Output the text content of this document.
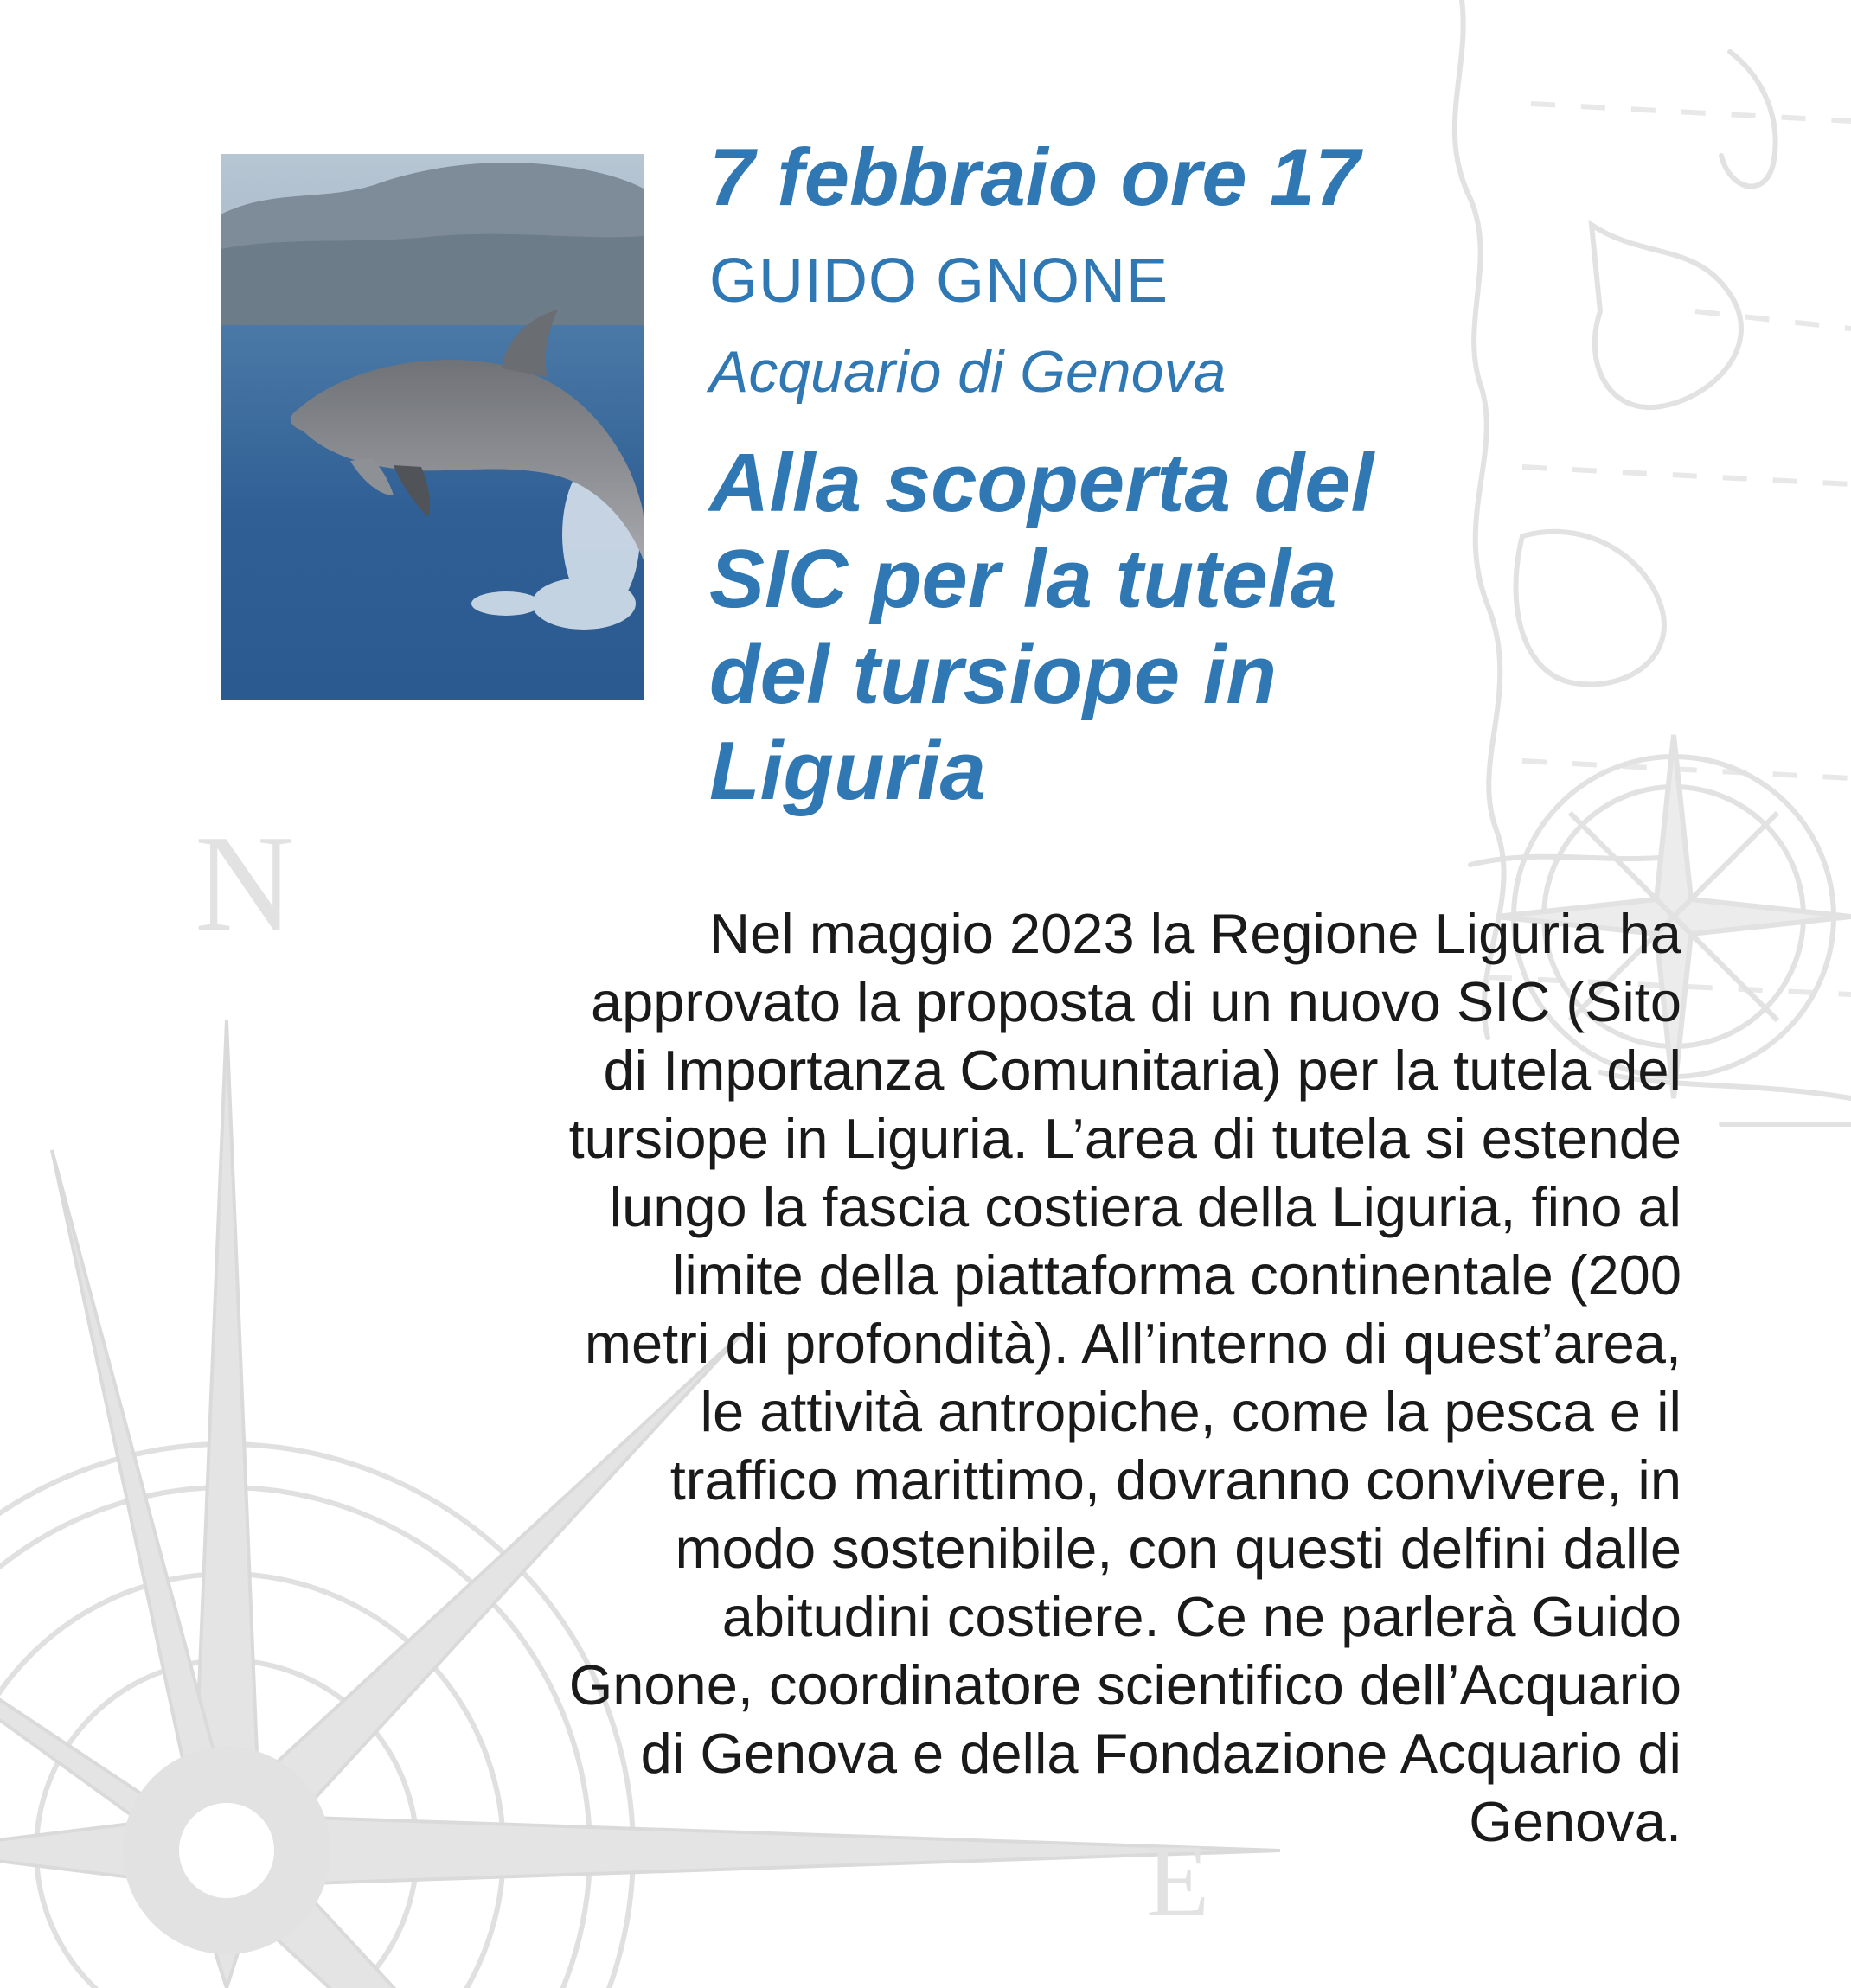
N
E
7 febbraio ore 17
GUIDO GNONE
Acquario di Genova
Alla scoperta del
SIC per la tutela
del tursiope in
Liguria
Nel maggio 2023 la Regione Liguria ha
approvato la proposta di un nuovo SIC (Sito
di Importanza Comunitaria) per la tutela del
tursiope in Liguria. L’area di tutela si estende
lungo la fascia costiera della Liguria, fino al
limite della piattaforma continentale (200
metri di profondità). All’interno di quest’area,
le attività antropiche, come la pesca e il
traffico marittimo, dovranno convivere, in
modo sostenibile, con questi delfini dalle
abitudini costiere. Ce ne parlerà Guido
Gnone, coordinatore scientifico dell’Acquario
di Genova e della Fondazione Acquario di
Genova.
